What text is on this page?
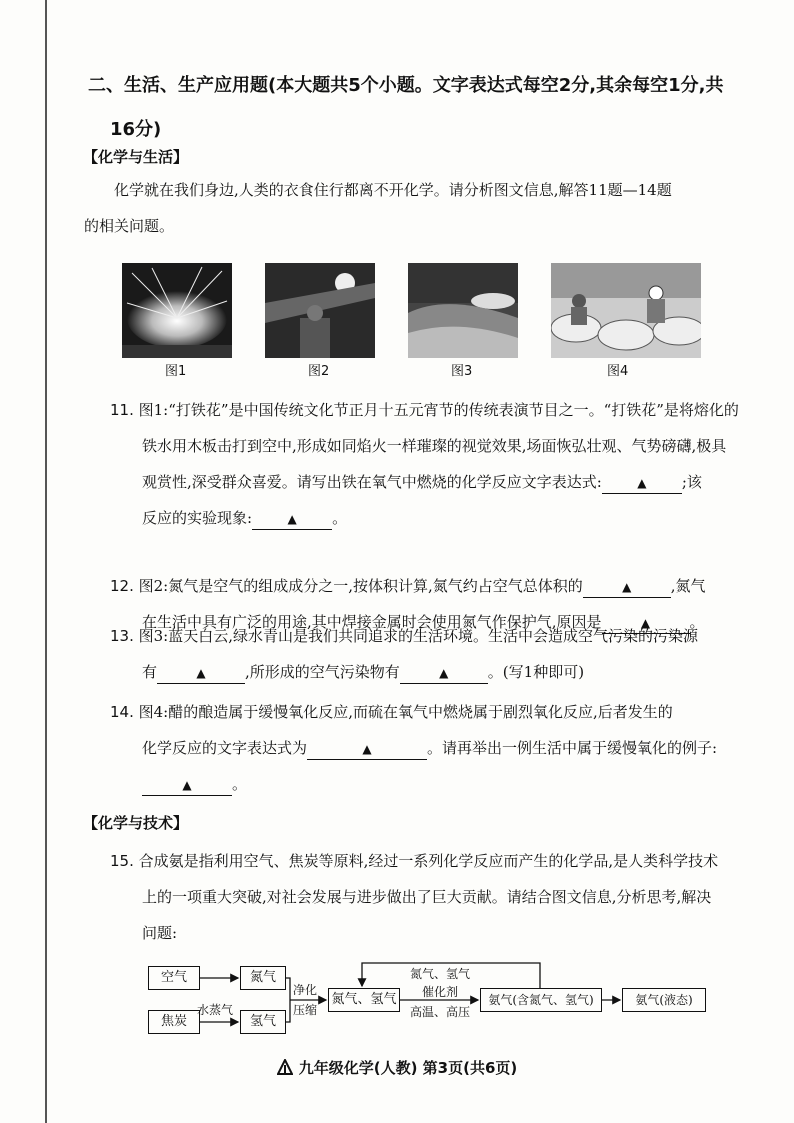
二、生活、生产应用题(本大题共5个小题。文字表达式每空2分,其余每空1分,共
16分)
【化学与生活】
化学就在我们身边,人类的衣食住行都离不开化学。请分析图文信息,解答11题—14题
的相关问题。
图1	图2	图3	图4
11. 图1:“打铁花”是中国传统文化节正月十五元宵节的传统表演节目之一。“打铁花”是将熔化的
铁水用木板击打到空中,形成如同焰火一样璀璨的视觉效果,场面恢弘壮观、气势磅礴,极具
观赏性,深受群众喜爱。请写出铁在氧气中燃烧的化学反应文字表达式:	▲ ;该
反应的实验现象:	▲ 。
12. 图2:氮气是空气的组成成分之一,按体积计算,氮气约占空气总体积的	▲	,氮气
在生活中具有广泛的用途,其中焊接金属时会使用氮气作保护气,原因是	▲	。
13. 图3:蓝天白云,绿水青山是我们共同追求的生活环境。生活中会造成空气污染的污染源
有	▲	,所形成的空气污染物有	▲	。(写1种即可)
14. 图4:醋的酿造属于缓慢氧化反应,而硫在氧气中燃烧属于剧烈氧化反应,后者发生的
化学反应的文字表达式为	▲	。请再举出一例生活中属于缓慢氧化的例子:
▲	。
【化学与技术】
15. 合成氨是指利用空气、焦炭等原料,经过一系列化学反应而产生的化学品,是人类科学技术
上的一项重大突破,对社会发展与进步做出了巨大贡献。请结合图文信息,分析思考,解决
问题:
空气	氮气
焦炭
水蒸气
氢气
净化
压缩
氮气、氢气
氮气、氢气
催化剂
高温、高压
氨气(含氮气、氢气)	氨气(液态)
九年级化学(人教) 第3页(共6页)
